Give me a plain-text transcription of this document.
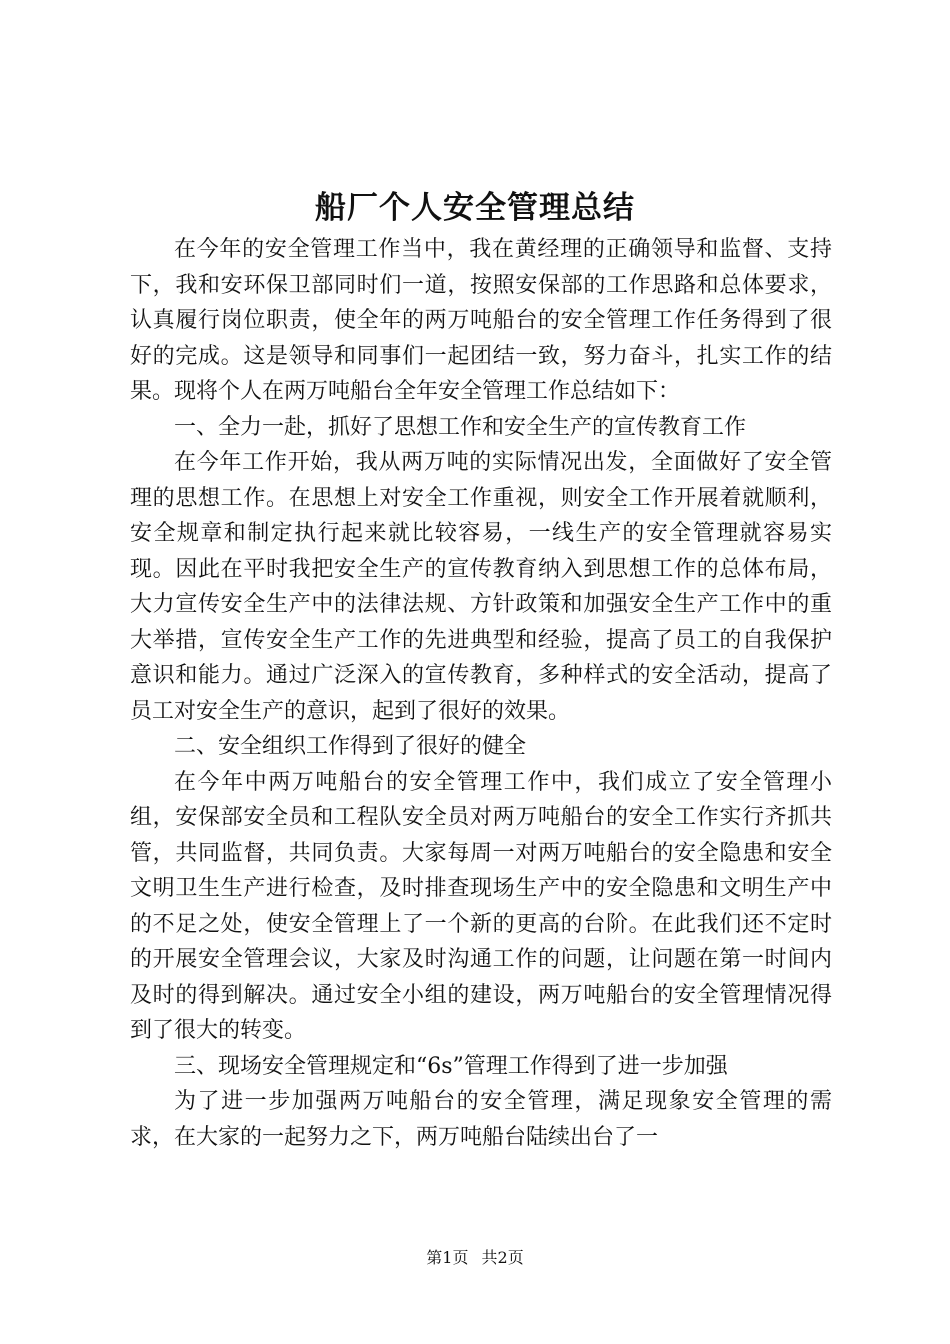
船厂个人安全管理总结

在今年的安全管理工作当中，我在黄经理的正确领导和监督、支持下，我和安环保卫部同时们一道，按照安保部的工作思路和总体要求，认真履行岗位职责，使全年的两万吨船台的安全管理工作任务得到了很好的完成。这是领导和同事们一起团结一致，努力奋斗，扎实工作的结果。现将个人在两万吨船台全年安全管理工作总结如下：

一、全力一赴，抓好了思想工作和安全生产的宣传教育工作

在今年工作开始，我从两万吨的实际情况出发，全面做好了安全管理的思想工作。在思想上对安全工作重视，则安全工作开展着就顺利，安全规章和制定执行起来就比较容易，一线生产的安全管理就容易实现。因此在平时我把安全生产的宣传教育纳入到思想工作的总体布局，大力宣传安全生产中的法律法规、方针政策和加强安全生产工作中的重大举措，宣传安全生产工作的先进典型和经验，提高了员工的自我保护意识和能力。通过广泛深入的宣传教育，多种样式的安全活动，提高了员工对安全生产的意识，起到了很好的效果。

二、安全组织工作得到了很好的健全

在今年中两万吨船台的安全管理工作中，我们成立了安全管理小组，安保部安全员和工程队安全员对两万吨船台的安全工作实行齐抓共管，共同监督，共同负责。大家每周一对两万吨船台的安全隐患和安全文明卫生生产进行检查，及时排查现场生产中的安全隐患和文明生产中的不足之处，使安全管理上了一个新的更高的台阶。在此我们还不定时的开展安全管理会议，大家及时沟通工作的问题，让问题在第一时间内及时的得到解决。通过安全小组的建设，两万吨船台的安全管理情况得到了很大的转变。

三、现场安全管理规定和“6s”管理工作得到了进一步加强

为了进一步加强两万吨船台的安全管理，满足现象安全管理的需求，在大家的一起努力之下，两万吨船台陆续出台了一

第1页 共2页
